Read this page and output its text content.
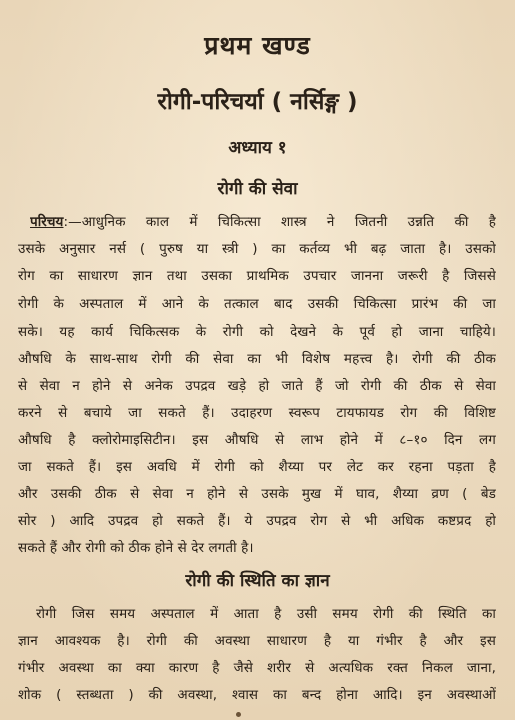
प्रथम खण्ड
रोगी-परिचर्या ( नर्सिङ्ग )
अध्याय १
रोगी की सेवा
परिचय:—आधुनिक काल में चिकित्सा शास्त्र ने जितनी उन्नति की है
उसके अनुसार नर्स ( पुरुष या स्त्री ) का कर्तव्य भी बढ़ जाता है। उसको
रोग का साधारण ज्ञान तथा उसका प्राथमिक उपचार जानना जरूरी है जिससे
रोगी के अस्पताल में आने के तत्काल बाद उसकी चिकित्सा प्रारंभ की जा
सके। यह कार्य चिकित्सक के रोगी को देखने के पूर्व हो जाना चाहिये।
औषधि के साथ-साथ रोगी की सेवा का भी विशेष महत्त्व है। रोगी की ठीक
से सेवा न होने से अनेक उपद्रव खड़े हो जाते हैं जो रोगी की ठीक से सेवा
करने से बचाये जा सकते हैं। उदाहरण स्वरूप टायफायड रोग की विशिष्ट
औषधि है क्लोरोमाइसिटीन। इस औषधि से लाभ होने में ८–१० दिन लग
जा सकते हैं। इस अवधि में रोगी को शैय्या पर लेट कर रहना पड़ता है
और उसकी ठीक से सेवा न होने से उसके मुख में घाव, शैय्या व्रण ( बेड
सोर ) आदि उपद्रव हो सकते हैं। ये उपद्रव रोग से भी अधिक कष्टप्रद हो
सकते हैं और रोगी को ठीक होने से देर लगती है।
रोगी की स्थिति का ज्ञान
रोगी जिस समय अस्पताल में आता है उसी समय रोगी की स्थिति का
ज्ञान आवश्यक है। रोगी की अवस्था साधारण है या गंभीर है और इस
गंभीर अवस्था का क्या कारण है जैसे शरीर से अत्यधिक रक्त निकल जाना,
शोक ( स्तब्धता ) की अवस्था, श्वास का बन्द होना आदि। इन अवस्थाओं
